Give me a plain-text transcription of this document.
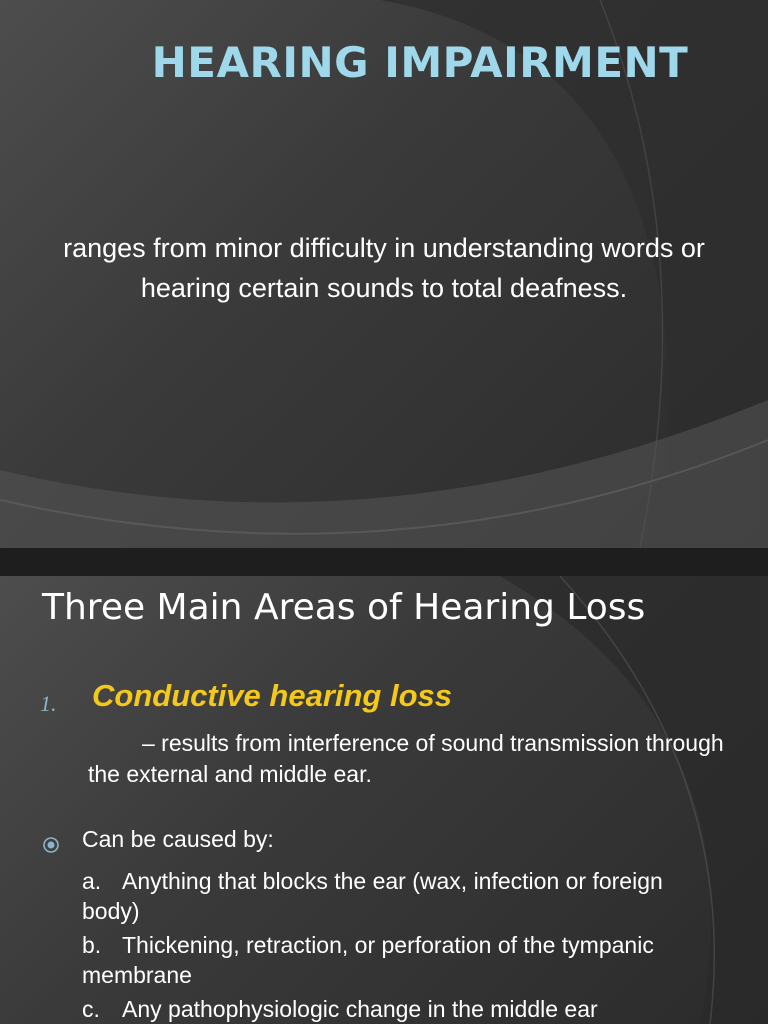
HEARING IMPAIRMENT
ranges from minor difficulty in understanding words or hearing certain sounds to total deafness.
Three Main Areas of Hearing Loss
1. Conductive hearing loss
– results from interference of sound transmission through the external and middle ear.
Can be caused by:
a. Anything that blocks the ear (wax, infection or foreign body)
b. Thickening, retraction, or perforation of the tympanic membrane
c. Any pathophysiologic change in the middle ear
